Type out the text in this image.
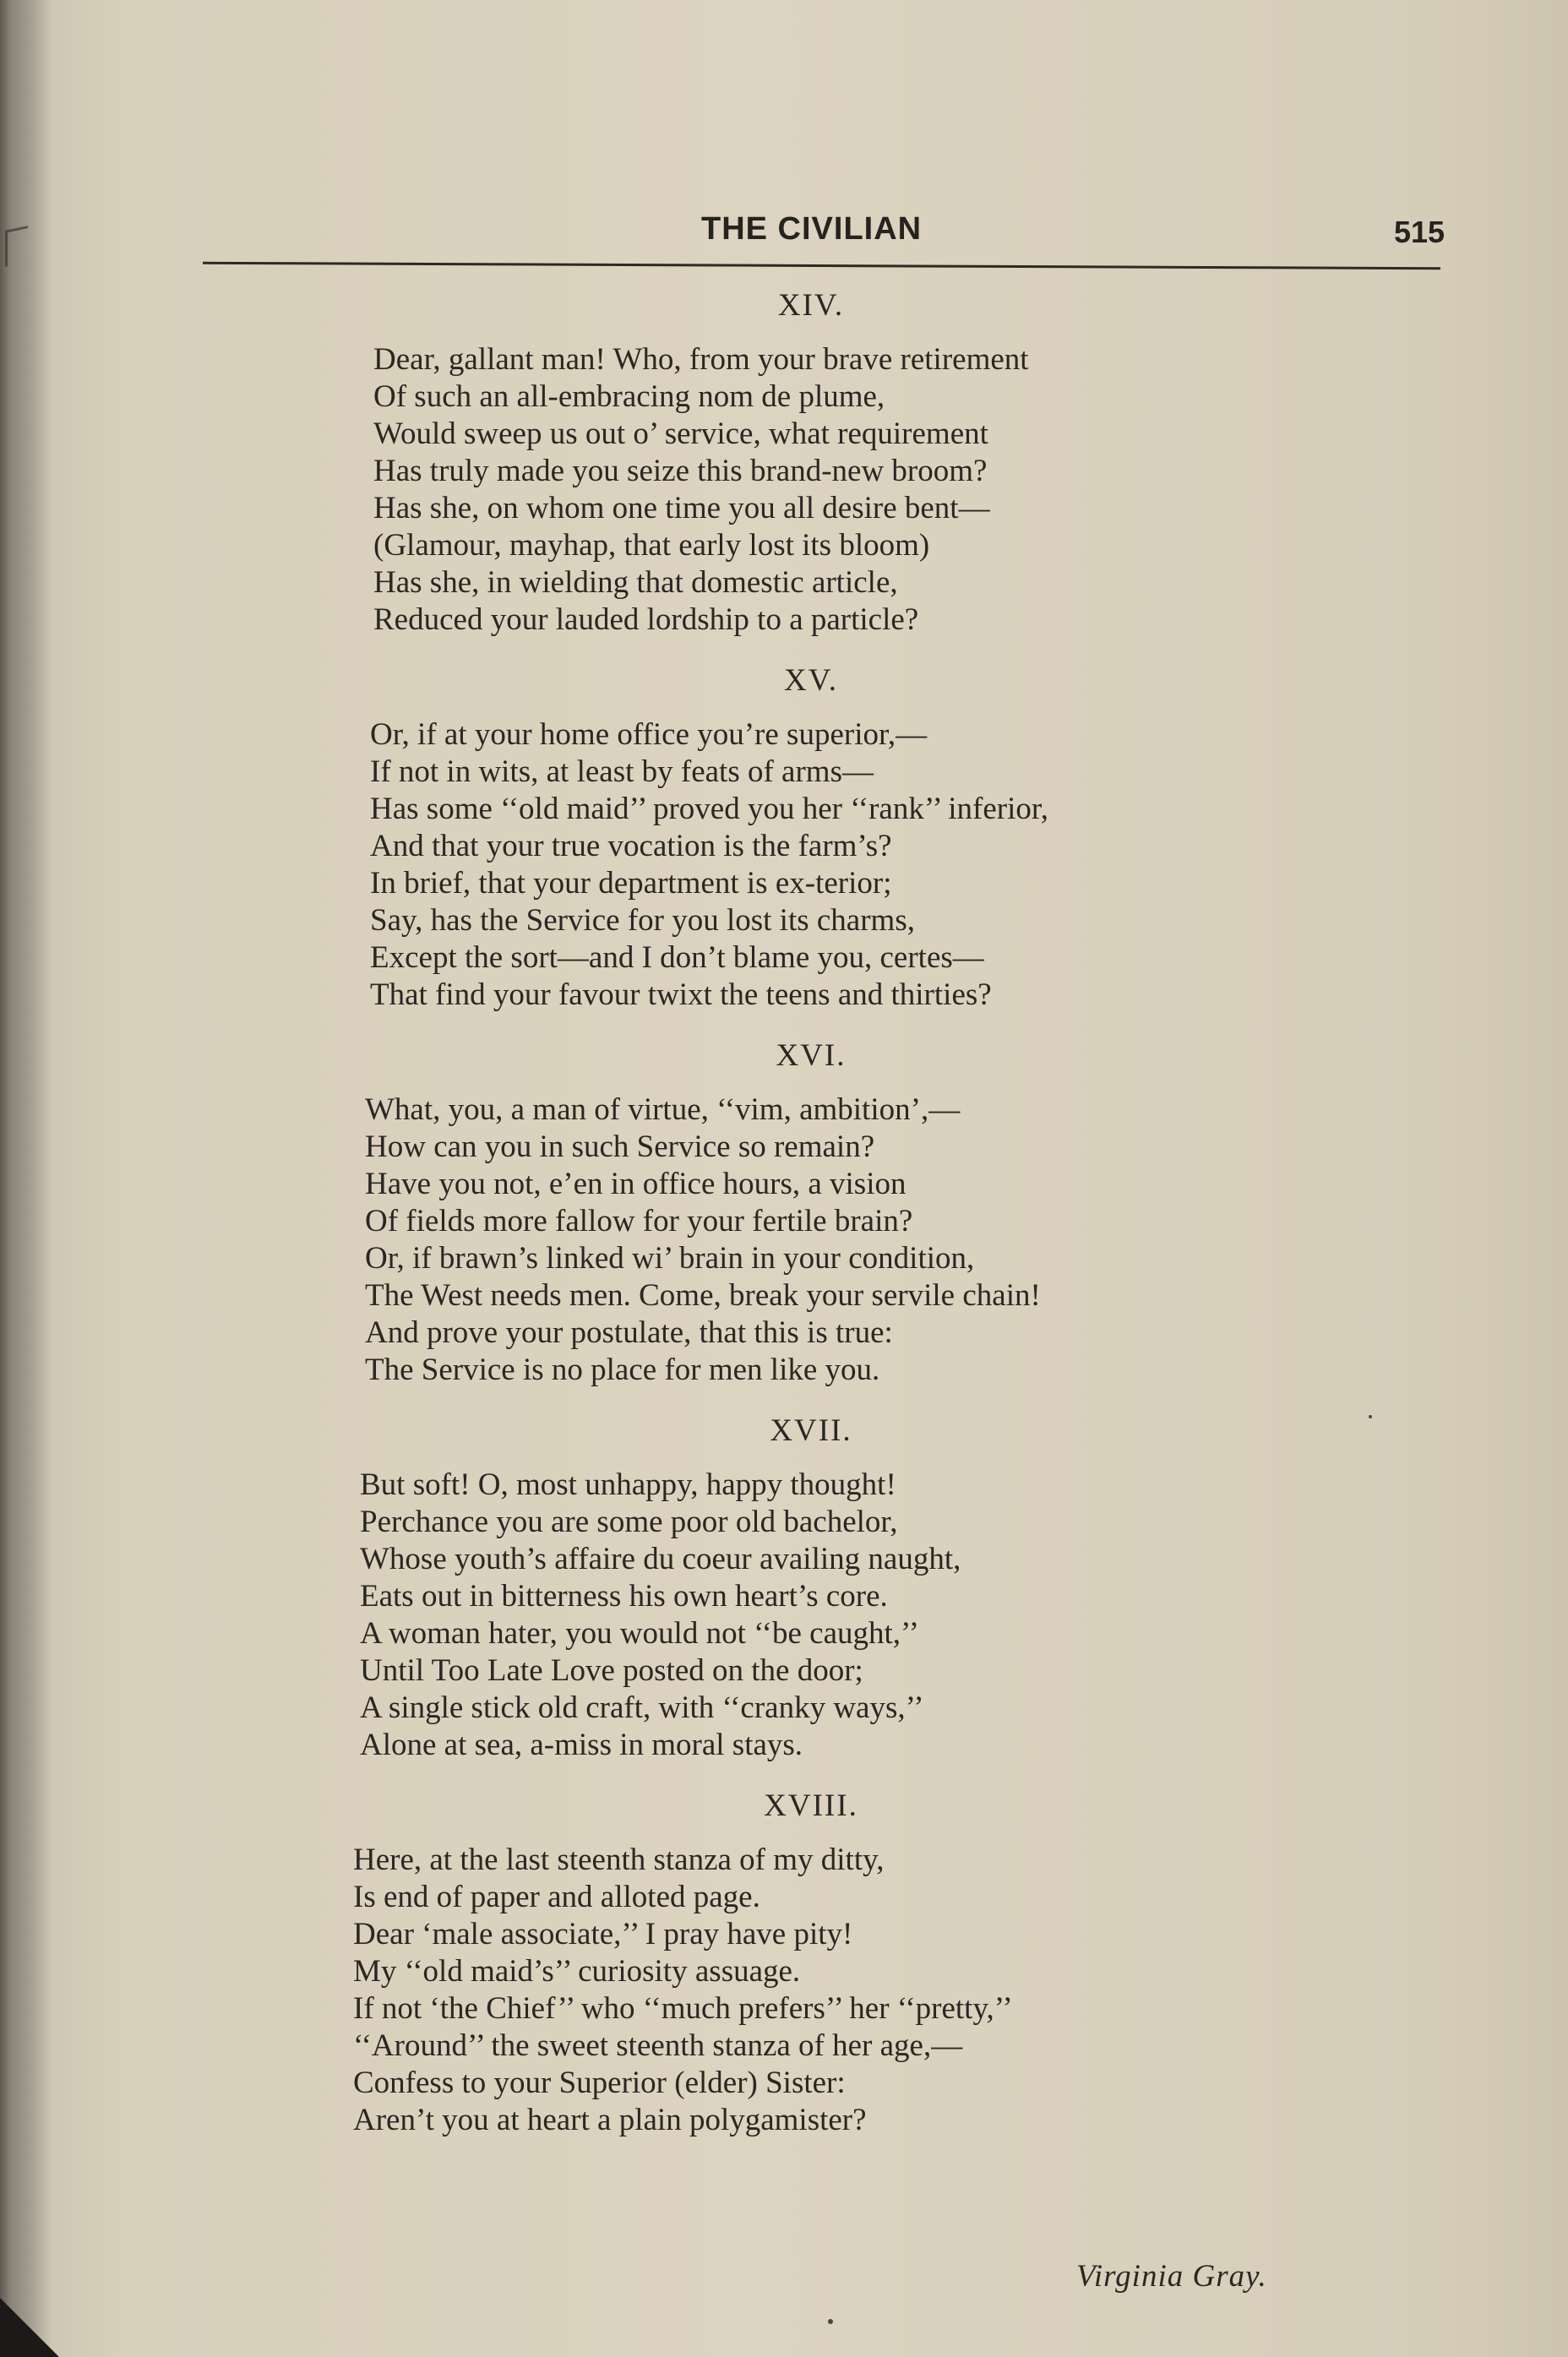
THE CIVILIAN	515
XIV.
Dear, gallant man! Who, from your brave retirement
Of such an all-embracing nom de plume,
Would sweep us out o’ service, what requirement
Has truly made you seize this brand-new broom?
Has she, on whom one time you all desire bent—
(Glamour, mayhap, that early lost its bloom)
Has she, in wielding that domestic article,
Reduced your lauded lordship to a particle?
XV.
Or, if at your home office you’re superior,—
If not in wits, at least by feats of arms—
Has some ‘‘old maid’’ proved you her ‘‘rank’’ inferior,
And that your true vocation is the farm’s?
In brief, that your department is ex-terior;
Say, has the Service for you lost its charms,
Except the sort—and I don’t blame you, certes—
That find your favour twixt the teens and thirties?
XVI.
What, you, a man of virtue, ‘‘vim, ambition’,—
How can you in such Service so remain?
Have you not, e’en in office hours, a vision
Of fields more fallow for your fertile brain?
Or, if brawn’s linked wi’ brain in your condition,
The West needs men. Come, break your servile chain!
And prove your postulate, that this is true:
The Service is no place for men like you.
XVII.
But soft! O, most unhappy, happy thought!
Perchance you are some poor old bachelor,
Whose youth’s affaire du coeur availing naught,
Eats out in bitterness his own heart’s core.
A woman hater, you would not ‘‘be caught,’’
Until Too Late Love posted on the door;
A single stick old craft, with ‘‘cranky ways,’’
Alone at sea, a-miss in moral stays.
XVIII.
Here, at the last steenth stanza of my ditty,
Is end of paper and alloted page.
Dear ‘male associate,’’ I pray have pity!
My ‘‘old maid’s’’ curiosity assuage.
If not ‘the Chief’’ who ‘‘much prefers’’ her ‘‘pretty,’’
‘‘Around’’ the sweet steenth stanza of her age,—
Confess to your Superior (elder) Sister:
Aren’t you at heart a plain polygamister?
Virginia Gray.
